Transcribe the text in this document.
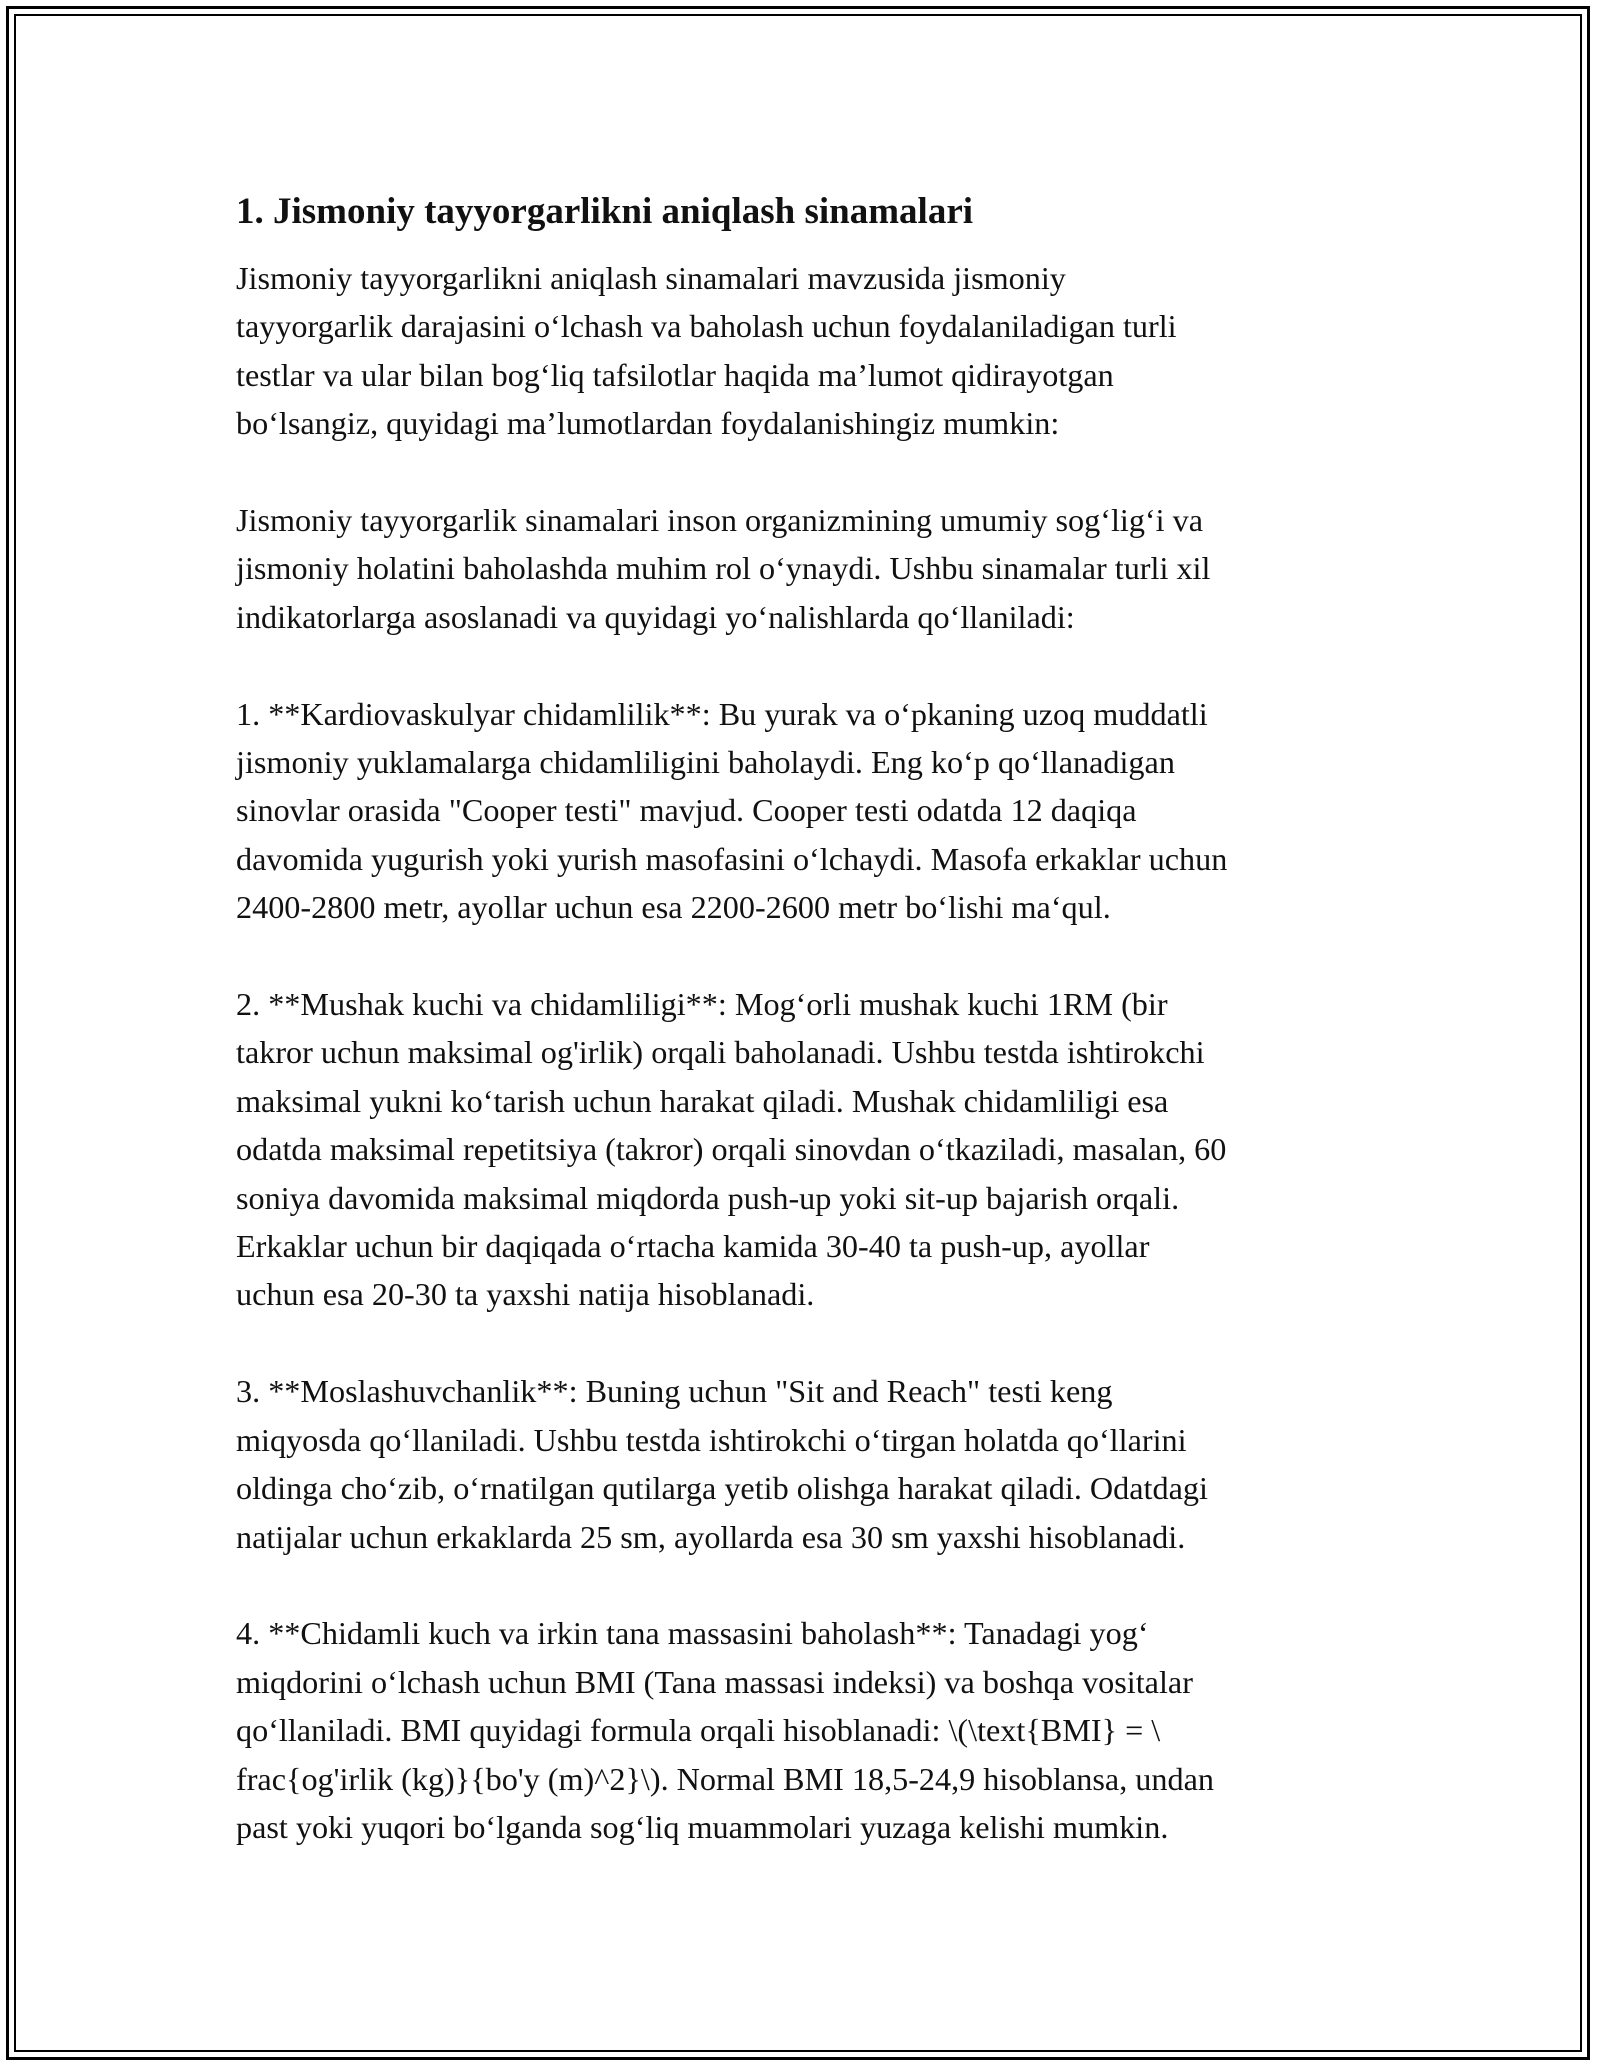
1. Jismoniy tayyorgarlikni aniqlash sinamalari

Jismoniy tayyorgarlikni aniqlash sinamalari mavzusida jismoniy
tayyorgarlik darajasini o‘lchash va baholash uchun foydalaniladigan turli
testlar va ular bilan bog‘liq tafsilotlar haqida ma’lumot qidirayotgan
bo‘lsangiz, quyidagi ma’lumotlardan foydalanishingiz mumkin:

Jismoniy tayyorgarlik sinamalari inson organizmining umumiy sog‘lig‘i va
jismoniy holatini baholashda muhim rol o‘ynaydi. Ushbu sinamalar turli xil
indikatorlarga asoslanadi va quyidagi yo‘nalishlarda qo‘llaniladi:

1. **Kardiovaskulyar chidamlilik**: Bu yurak va o‘pkaning uzoq muddatli
jismoniy yuklamalarga chidamliligini baholaydi. Eng ko‘p qo‘llanadigan
sinovlar orasida "Cooper testi" mavjud. Cooper testi odatda 12 daqiqa
davomida yugurish yoki yurish masofasini o‘lchaydi. Masofa erkaklar uchun
2400-2800 metr, ayollar uchun esa 2200-2600 metr bo‘lishi ma‘qul.

2. **Mushak kuchi va chidamliligi**: Mog‘orli mushak kuchi 1RM (bir
takror uchun maksimal og'irlik) orqali baholanadi. Ushbu testda ishtirokchi
maksimal yukni ko‘tarish uchun harakat qiladi. Mushak chidamliligi esa
odatda maksimal repetitsiya (takror) orqali sinovdan o‘tkaziladi, masalan, 60
soniya davomida maksimal miqdorda push-up yoki sit-up bajarish orqali.
Erkaklar uchun bir daqiqada o‘rtacha kamida 30-40 ta push-up, ayollar
uchun esa 20-30 ta yaxshi natija hisoblanadi.

3. **Moslashuvchanlik**: Buning uchun "Sit and Reach" testi keng
miqyosda qo‘llaniladi. Ushbu testda ishtirokchi o‘tirgan holatda qo‘llarini
oldinga cho‘zib, o‘rnatilgan qutilarga yetib olishga harakat qiladi. Odatdagi
natijalar uchun erkaklarda 25 sm, ayollarda esa 30 sm yaxshi hisoblanadi.

4. **Chidamli kuch va irkin tana massasini baholash**: Tanadagi yog‘
miqdorini o‘lchash uchun BMI (Tana massasi indeksi) va boshqa vositalar
qo‘llaniladi. BMI quyidagi formula orqali hisoblanadi: \(\text{BMI} = \
frac{og'irlik (kg)}{bo'y (m)^2}\). Normal BMI 18,5-24,9 hisoblansa, undan
past yoki yuqori bo‘lganda sog‘liq muammolari yuzaga kelishi mumkin.
